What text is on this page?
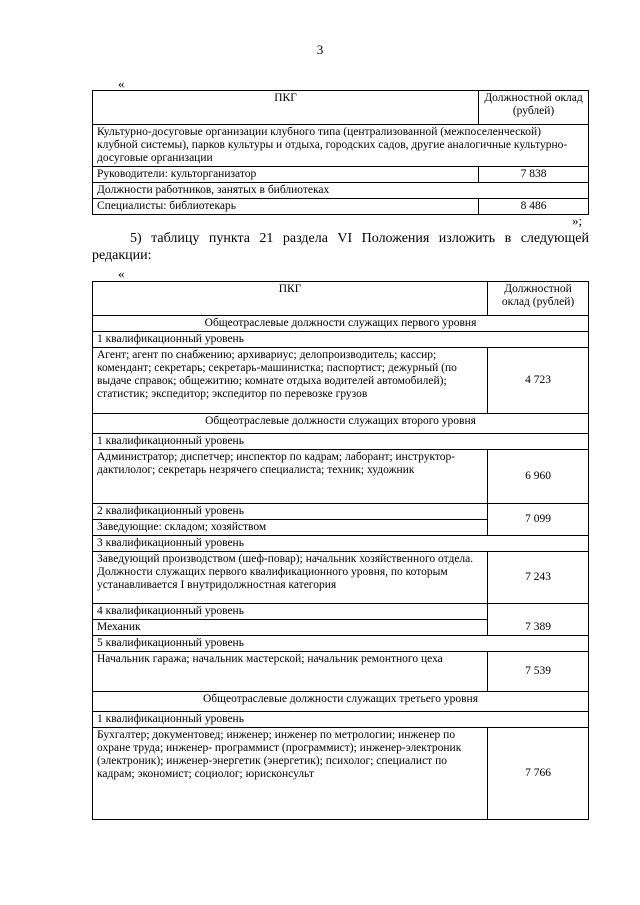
3
«
ПКГ	Должностной оклад (рублей)
Культурно-досуговые организации клубного типа (централизованной (межпоселенческой) клубной системы), парков культуры и отдыха, городских садов, другие аналогичные культурно-досуговые организации	
Руководители: культорганизатор	7 838
Должности работников, занятых в библиотеках	
Специалисты: библиотекарь	8 486
»;
5) таблицу пункта 21 раздела VI Положения изложить в следующей редакции:
«
ПКГ	Должностной оклад (рублей)
Общеотраслевые должности служащих первого уровня	
1 квалификационный уровень	
Агент; агент по снабжению; архивариус; делопроизводитель; кассир; комендант; секретарь; секретарь-машинистка; паспортист; дежурный (по выдаче справок; общежитию; комнате отдыха водителей автомобилей); статистик; экспедитор; экспедитор по перевозке грузов	4 723
Общеотраслевые должности служащих второго уровня	
1 квалификационный уровень	
Администратор; диспетчер; инспектор по кадрам; лаборант; инструктор-дактилолог; секретарь незрячего специалиста; техник; художник	6 960
2 квалификационный уровень	7 099
Заведующие: складом; хозяйством	
3 квалификационный уровень	
Заведующий производством (шеф-повар); начальник хозяйственного отдела. Должности служащих первого квалификационного уровня, по которым устанавливается I внутридолжностная категория	7 243
4 квалификационный уровень	7 389
Механик	
5 квалификационный уровень	
Начальник гаража; начальник мастерской; начальник ремонтного цеха	7 539
Общеотраслевые должности служащих третьего уровня	
1 квалификационный уровень	
Бухгалтер; документовед; инженер; инженер по метрологии; инженер по охране труда; инженер- программист (программист); инженер-электроник (электроник); инженер-энергетик (энергетик); психолог; специалист по кадрам; экономист; социолог; юрисконсульт	7 766
